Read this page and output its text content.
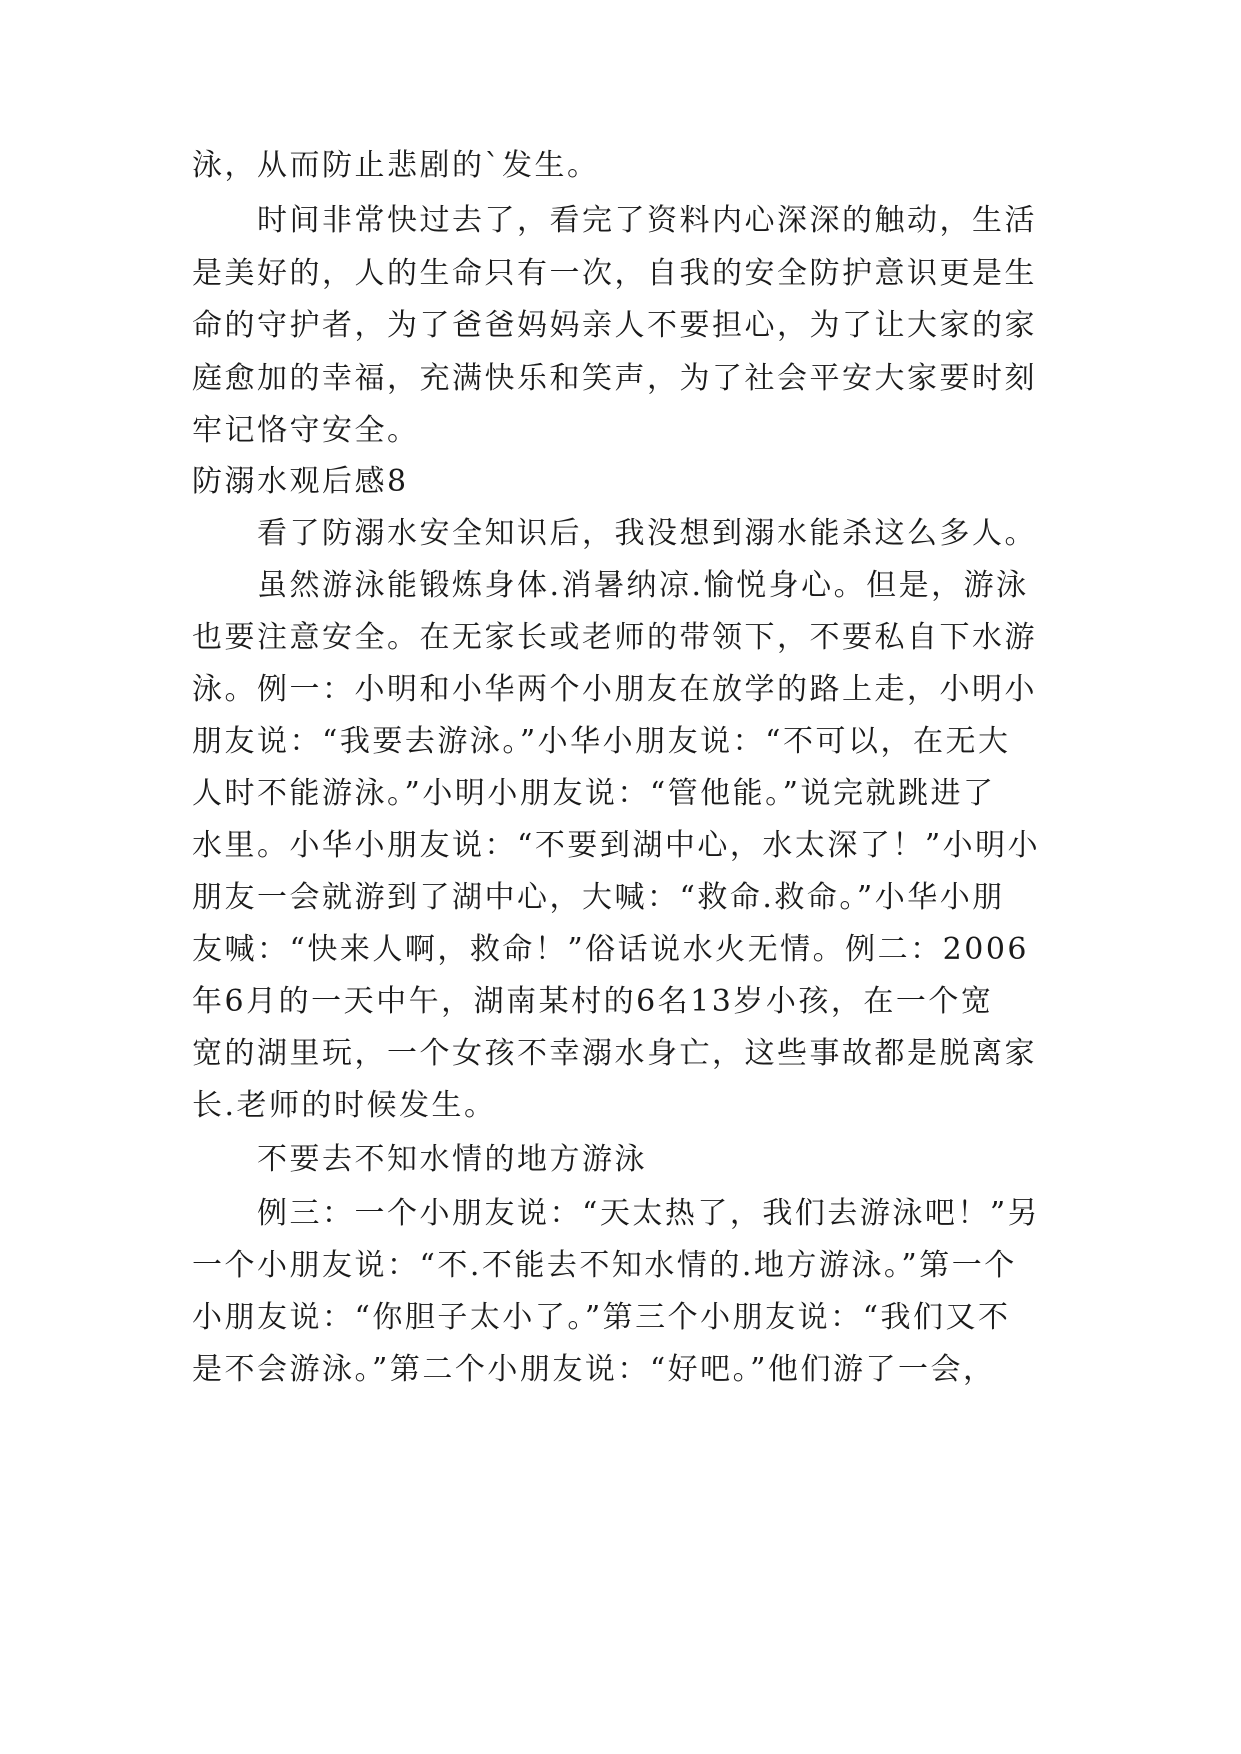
泳，从而防止悲剧的`发生。
时间非常快过去了，看完了资料内心深深的触动，生活
是美好的，人的生命只有一次，自我的安全防护意识更是生
命的守护者，为了爸爸妈妈亲人不要担心，为了让大家的家
庭愈加的幸福，充满快乐和笑声，为了社会平安大家要时刻
牢记恪守安全。
防溺水观后感8
看了防溺水安全知识后，我没想到溺水能杀这么多人。
虽然游泳能锻炼身体.消暑纳凉.愉悦身心。但是，游泳
也要注意安全。在无家长或老师的带领下，不要私自下水游
泳。例一：小明和小华两个小朋友在放学的路上走，小明小
朋友说：“我要去游泳。”小华小朋友说：“不可以，在无大
人时不能游泳。”小明小朋友说：“管他能。”说完就跳进了
水里。小华小朋友说：“不要到湖中心，水太深了！”小明小
朋友一会就游到了湖中心，大喊：“救命.救命。”小华小朋
友喊：“快来人啊，救命！”俗话说水火无情。例二：2006
年6月的一天中午，湖南某村的6名13岁小孩，在一个宽
宽的湖里玩，一个女孩不幸溺水身亡，这些事故都是脱离家
长.老师的时候发生。
不要去不知水情的地方游泳
例三：一个小朋友说：“天太热了，我们去游泳吧！”另
一个小朋友说：“不.不能去不知水情的.地方游泳。”第一个
小朋友说：“你胆子太小了。”第三个小朋友说：“我们又不
是不会游泳。”第二个小朋友说：“好吧。”他们游了一会，
